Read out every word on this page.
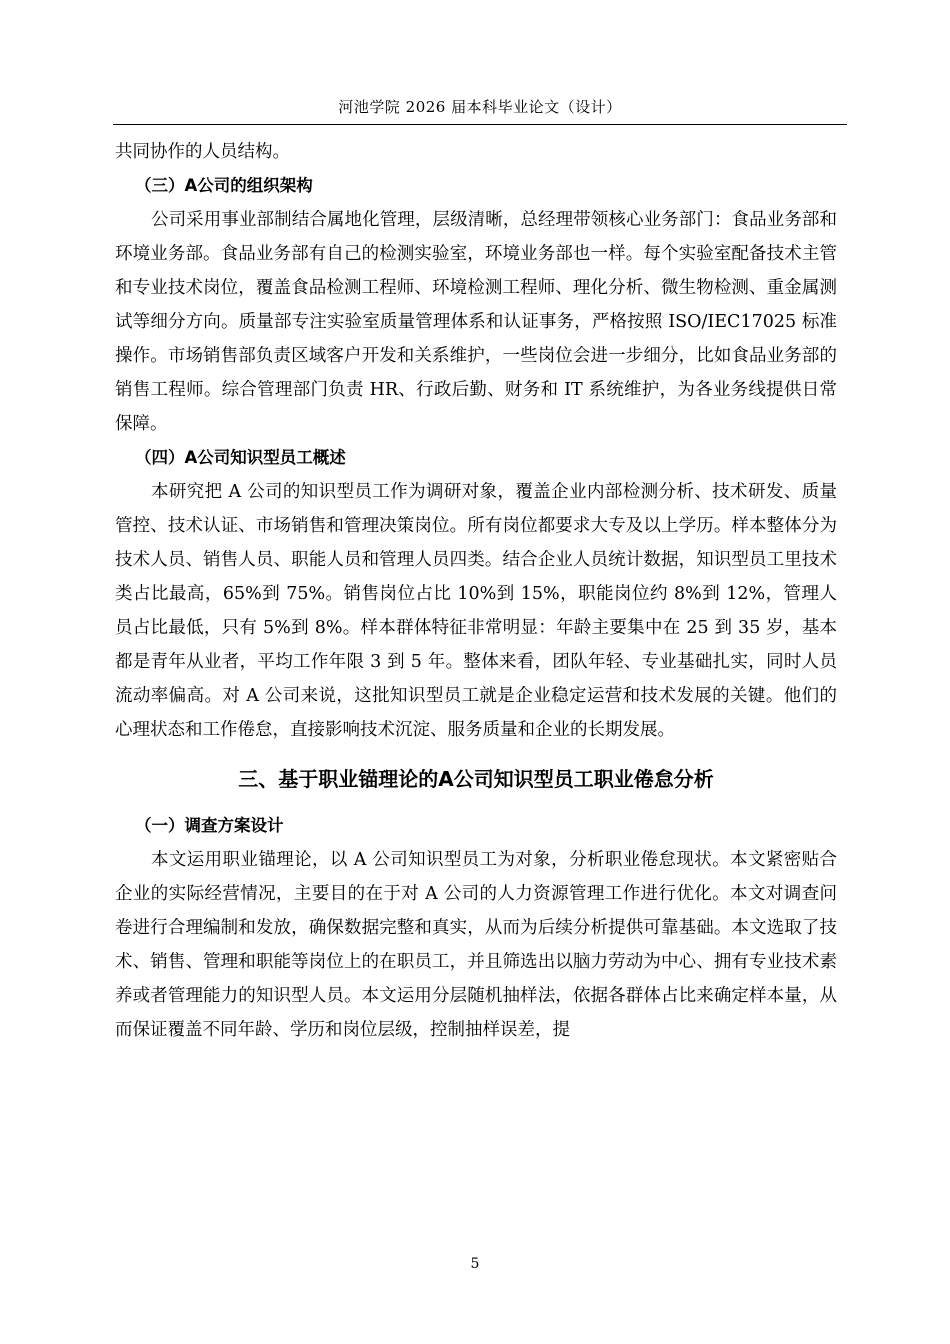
河池学院 2026 届本科毕业论文（设计）

共同协作的人员结构。

（三）A公司的组织架构

公司采用事业部制结合属地化管理，层级清晰，总经理带领核心业务部门：食品业务部和环境业务部。食品业务部有自己的检测实验室，环境业务部也一样。每个实验室配备技术主管和专业技术岗位，覆盖食品检测工程师、环境检测工程师、理化分析、微生物检测、重金属测试等细分方向。质量部专注实验室质量管理体系和认证事务，严格按照 ISO/IEC17025 标准操作。市场销售部负责区域客户开发和关系维护，一些岗位会进一步细分，比如食品业务部的销售工程师。综合管理部门负责 HR、行政后勤、财务和 IT 系统维护，为各业务线提供日常保障。

（四）A公司知识型员工概述

本研究把 A 公司的知识型员工作为调研对象，覆盖企业内部检测分析、技术研发、质量管控、技术认证、市场销售和管理决策岗位。所有岗位都要求大专及以上学历。样本整体分为技术人员、销售人员、职能人员和管理人员四类。结合企业人员统计数据，知识型员工里技术类占比最高，65%到 75%。销售岗位占比 10%到 15%，职能岗位约 8%到 12%，管理人员占比最低，只有 5%到 8%。样本群体特征非常明显：年龄主要集中在 25 到 35 岁，基本都是青年从业者，平均工作年限 3 到 5 年。整体来看，团队年轻、专业基础扎实，同时人员流动率偏高。对 A 公司来说，这批知识型员工就是企业稳定运营和技术发展的关键。他们的心理状态和工作倦怠，直接影响技术沉淀、服务质量和企业的长期发展。

三、基于职业锚理论的A公司知识型员工职业倦怠分析

（一）调查方案设计

本文运用职业锚理论，以 A 公司知识型员工为对象，分析职业倦怠现状。本文紧密贴合企业的实际经营情况，主要目的在于对 A 公司的人力资源管理工作进行优化。本文对调查问卷进行合理编制和发放，确保数据完整和真实，从而为后续分析提供可靠基础。本文选取了技术、销售、管理和职能等岗位上的在职员工，并且筛选出以脑力劳动为中心、拥有专业技术素养或者管理能力的知识型人员。本文运用分层随机抽样法，依据各群体占比来确定样本量，从而保证覆盖不同年龄、学历和岗位层级，控制抽样误差，提

5
